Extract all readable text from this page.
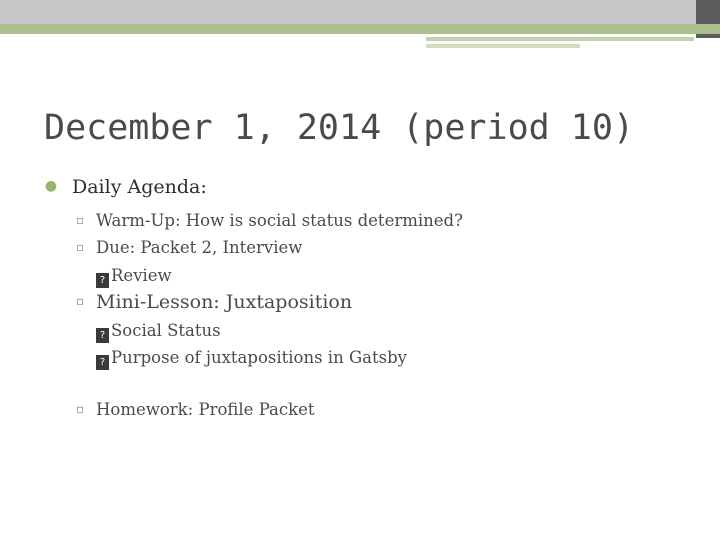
December 1, 2014 (period 10)
● Daily Agenda:
▫ Warm-Up: How is social status determined?
▫ Due: Packet 2, Interview
? Review
▫ Mini-Lesson: Juxtaposition
? Social Status
? Purpose of juxtapositions in Gatsby
▫ Homework: Profile Packet
